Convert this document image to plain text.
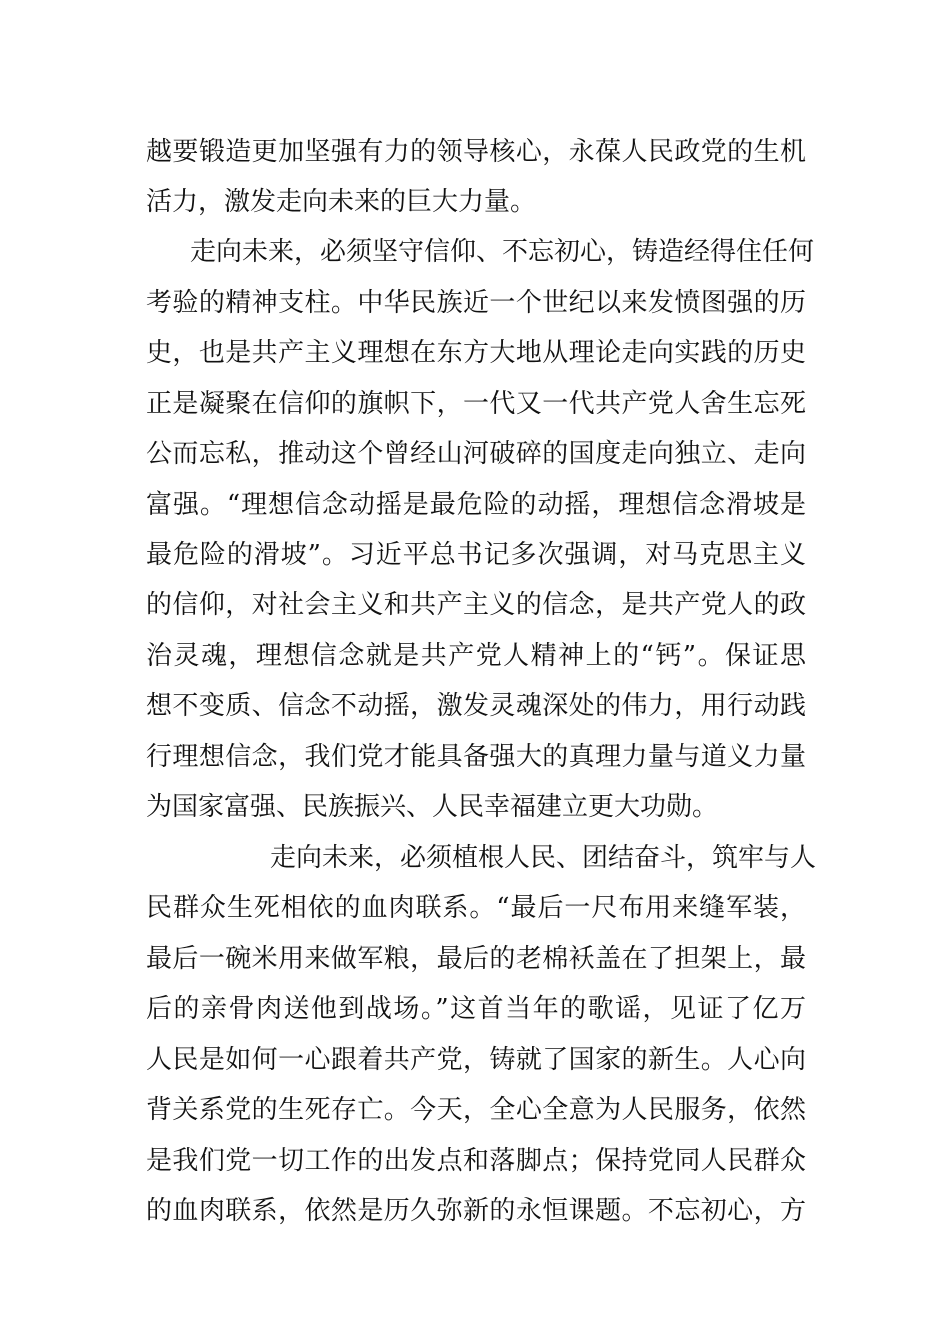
越要锻造更加坚强有力的领导核心，永葆人民政党的生机
活力，激发走向未来的巨大力量。
走向未来，必须坚守信仰、不忘初心，铸造经得住任何
考验的精神支柱。中华民族近一个世纪以来发愤图强的历
史，也是共产主义理想在东方大地从理论走向实践的历史
正是凝聚在信仰的旗帜下，一代又一代共产党人舍生忘死
公而忘私，推动这个曾经山河破碎的国度走向独立、走向
富强。“理想信念动摇是最危险的动摇，理想信念滑坡是
最危险的滑坡”。习近平总书记多次强调，对马克思主义
的信仰，对社会主义和共产主义的信念，是共产党人的政
治灵魂，理想信念就是共产党人精神上的“钙”。保证思
想不变质、信念不动摇，激发灵魂深处的伟力，用行动践
行理想信念，我们党才能具备强大的真理力量与道义力量
为国家富强、民族振兴、人民幸福建立更大功勋。
走向未来，必须植根人民、团结奋斗，筑牢与人
民群众生死相依的血肉联系。“最后一尺布用来缝军装，
最后一碗米用来做军粮，最后的老棉袄盖在了担架上，最
后的亲骨肉送他到战场。”这首当年的歌谣，见证了亿万
人民是如何一心跟着共产党，铸就了国家的新生。人心向
背关系党的生死存亡。今天，全心全意为人民服务，依然
是我们党一切工作的出发点和落脚点；保持党同人民群众
的血肉联系，依然是历久弥新的永恒课题。不忘初心，方
